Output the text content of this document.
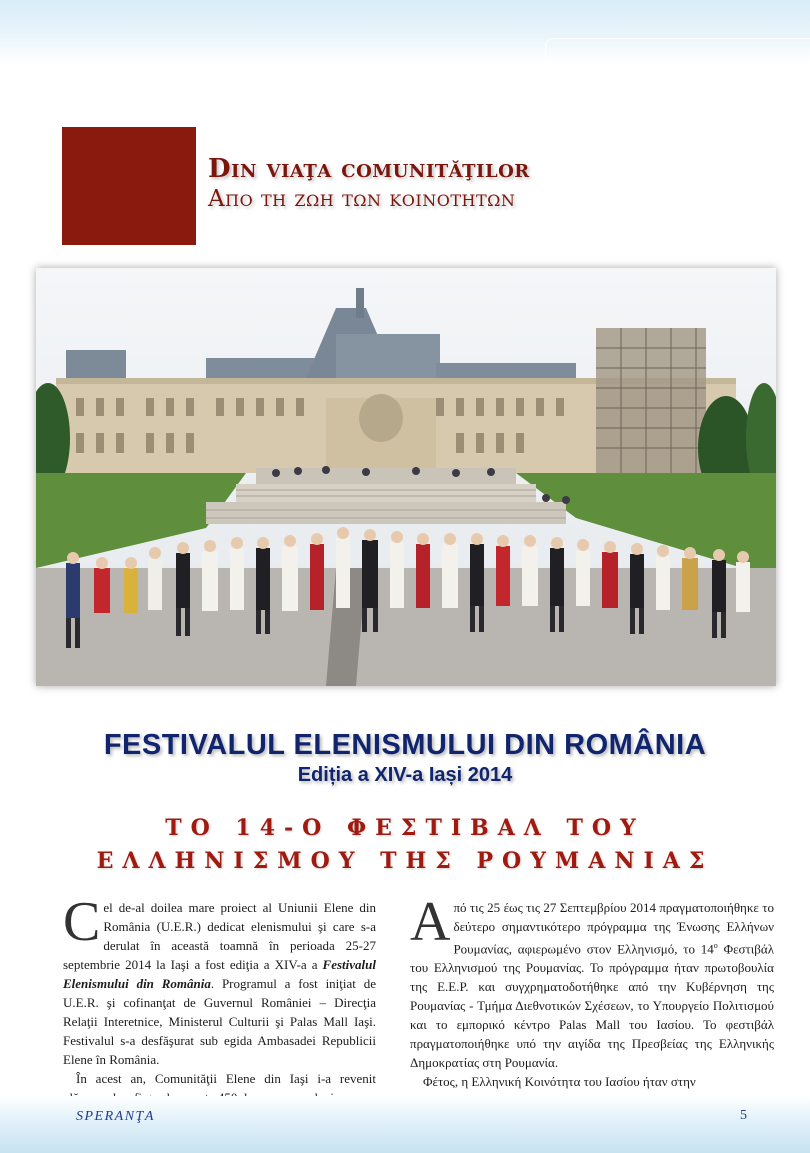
Din viaţa comunităţilor
Απο τη ζωη των κοινοτητων
FESTIVALUL ELENISMULUI DIN ROMÂNIA
Ediția a XIV-a Iași 2014
ΤΟ 14-Ο ΦΕΣΤΙΒΑΛ ΤΟΥ
ΕΛΛΗΝΙΣΜΟΥ ΤΗΣ ΡΟΥΜΑΝΙΑΣ

Cel de-al doilea mare proiect al Uniunii Elene din România (U.E.R.) dedicat elenismului şi care s-a derulat în această toamnă în perioada 25-27 septembrie 2014 la Iaşi a fost ediţia a XIV-a a Festivalul Elenismului din România. Programul a fost iniţiat de U.E.R. şi cofinanţat de Guvernul României – Direcţia Relaţii Interetnice, Ministerul Culturii şi Palas Mall Iaşi. Festivalul s-a desfăşurat sub egida Ambasadei Republicii Elene în România.

În acest an, Comunităţii Elene din Iaşi i-a revenit

Από τις 25 έως τις 27 Σεπτεμβρίου 2014 πραγματοποιήθηκε το δεύτερο σημαντικότερο πρόγραμμα της Ένωσης Ελλήνων Ρουμανίας, αφιερωμένο στον Ελληνισμό, το $14^o$ Φεστιβάλ του Ελληνισμού της Ρουμανίας. Το πρόγραμμα ήταν πρωτοβουλία της Ε.Ε.Ρ. και συγχρηματοδοτήθηκε από την Κυβέρνηση της Ρουμανίας - Τμήμα Διεθνοτικών Σχέσεων, το Υπουργείο Πολιτισμού και το εμπορικό κέντρο Palas Mall του Ιασίου. Το φεστιβάλ πραγματοποιήθηκε υπό την αιγίδα της Πρεσβείας της Ελληνικής Δημοκρατίας στη Ρουμανία.

Φέτος, η Ελληνική Κοινότητα του Ιασίου ήταν στην

SPERANŢA	5
